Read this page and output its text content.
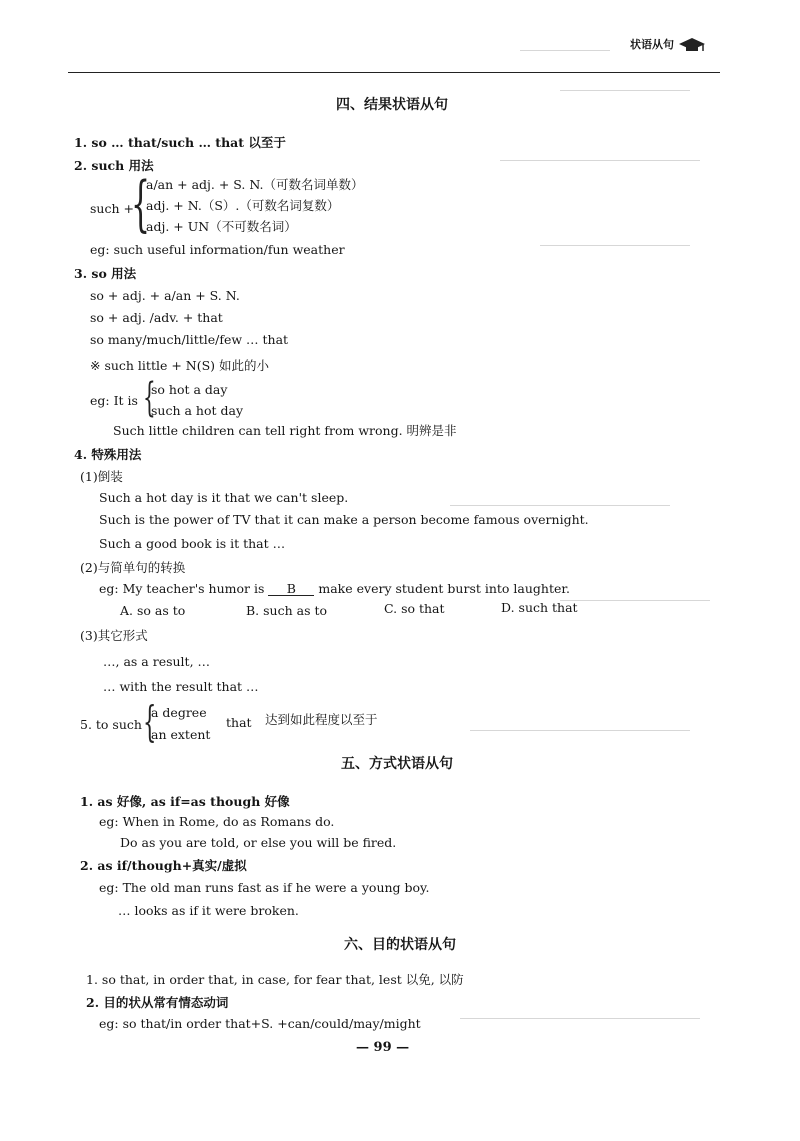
状语从句
四、结果状语从句
1. so … that/such … that 以至于
2. such 用法
such +
{
a/an + adj. + S. N.（可数名词单数）
adj. + N.（S）.（可数名词复数）
adj. + UN（不可数名词）
eg: such useful information/fun weather
3. so 用法
so + adj. + a/an + S. N.
so + adj. /adv. + that
so many/much/little/few … that
※ such little + N(S) 如此的小
eg: It is {
so hot a day
such a hot day
Such little children can tell right from wrong. 明辨是非
4. 特殊用法
(1)倒装
Such a hot day is it that we can't sleep.
Such is the power of TV that it can make a person become famous overnight.
Such a good book is it that …
(2)与简单句的转换
eg: My teacher's humor is B make every student burst into laughter.
A. so as to	B. such as to	C. so that	D. such that
(3)其它形式
…, as a result, …
… with the result that …
5. to such {
a degree
an extent
that 达到如此程度以至于
五、方式状语从句
1. as 好像, as if=as though 好像
eg: When in Rome, do as Romans do.
Do as you are told, or else you will be fired.
2. as if/though+真实/虚拟
eg: The old man runs fast as if he were a young boy.
… looks as if it were broken.
六、目的状语从句
1. so that, in order that, in case, for fear that, lest 以免, 以防
2. 目的状从常有情态动词
eg: so that/in order that+S. +can/could/may/might
— 99 —
